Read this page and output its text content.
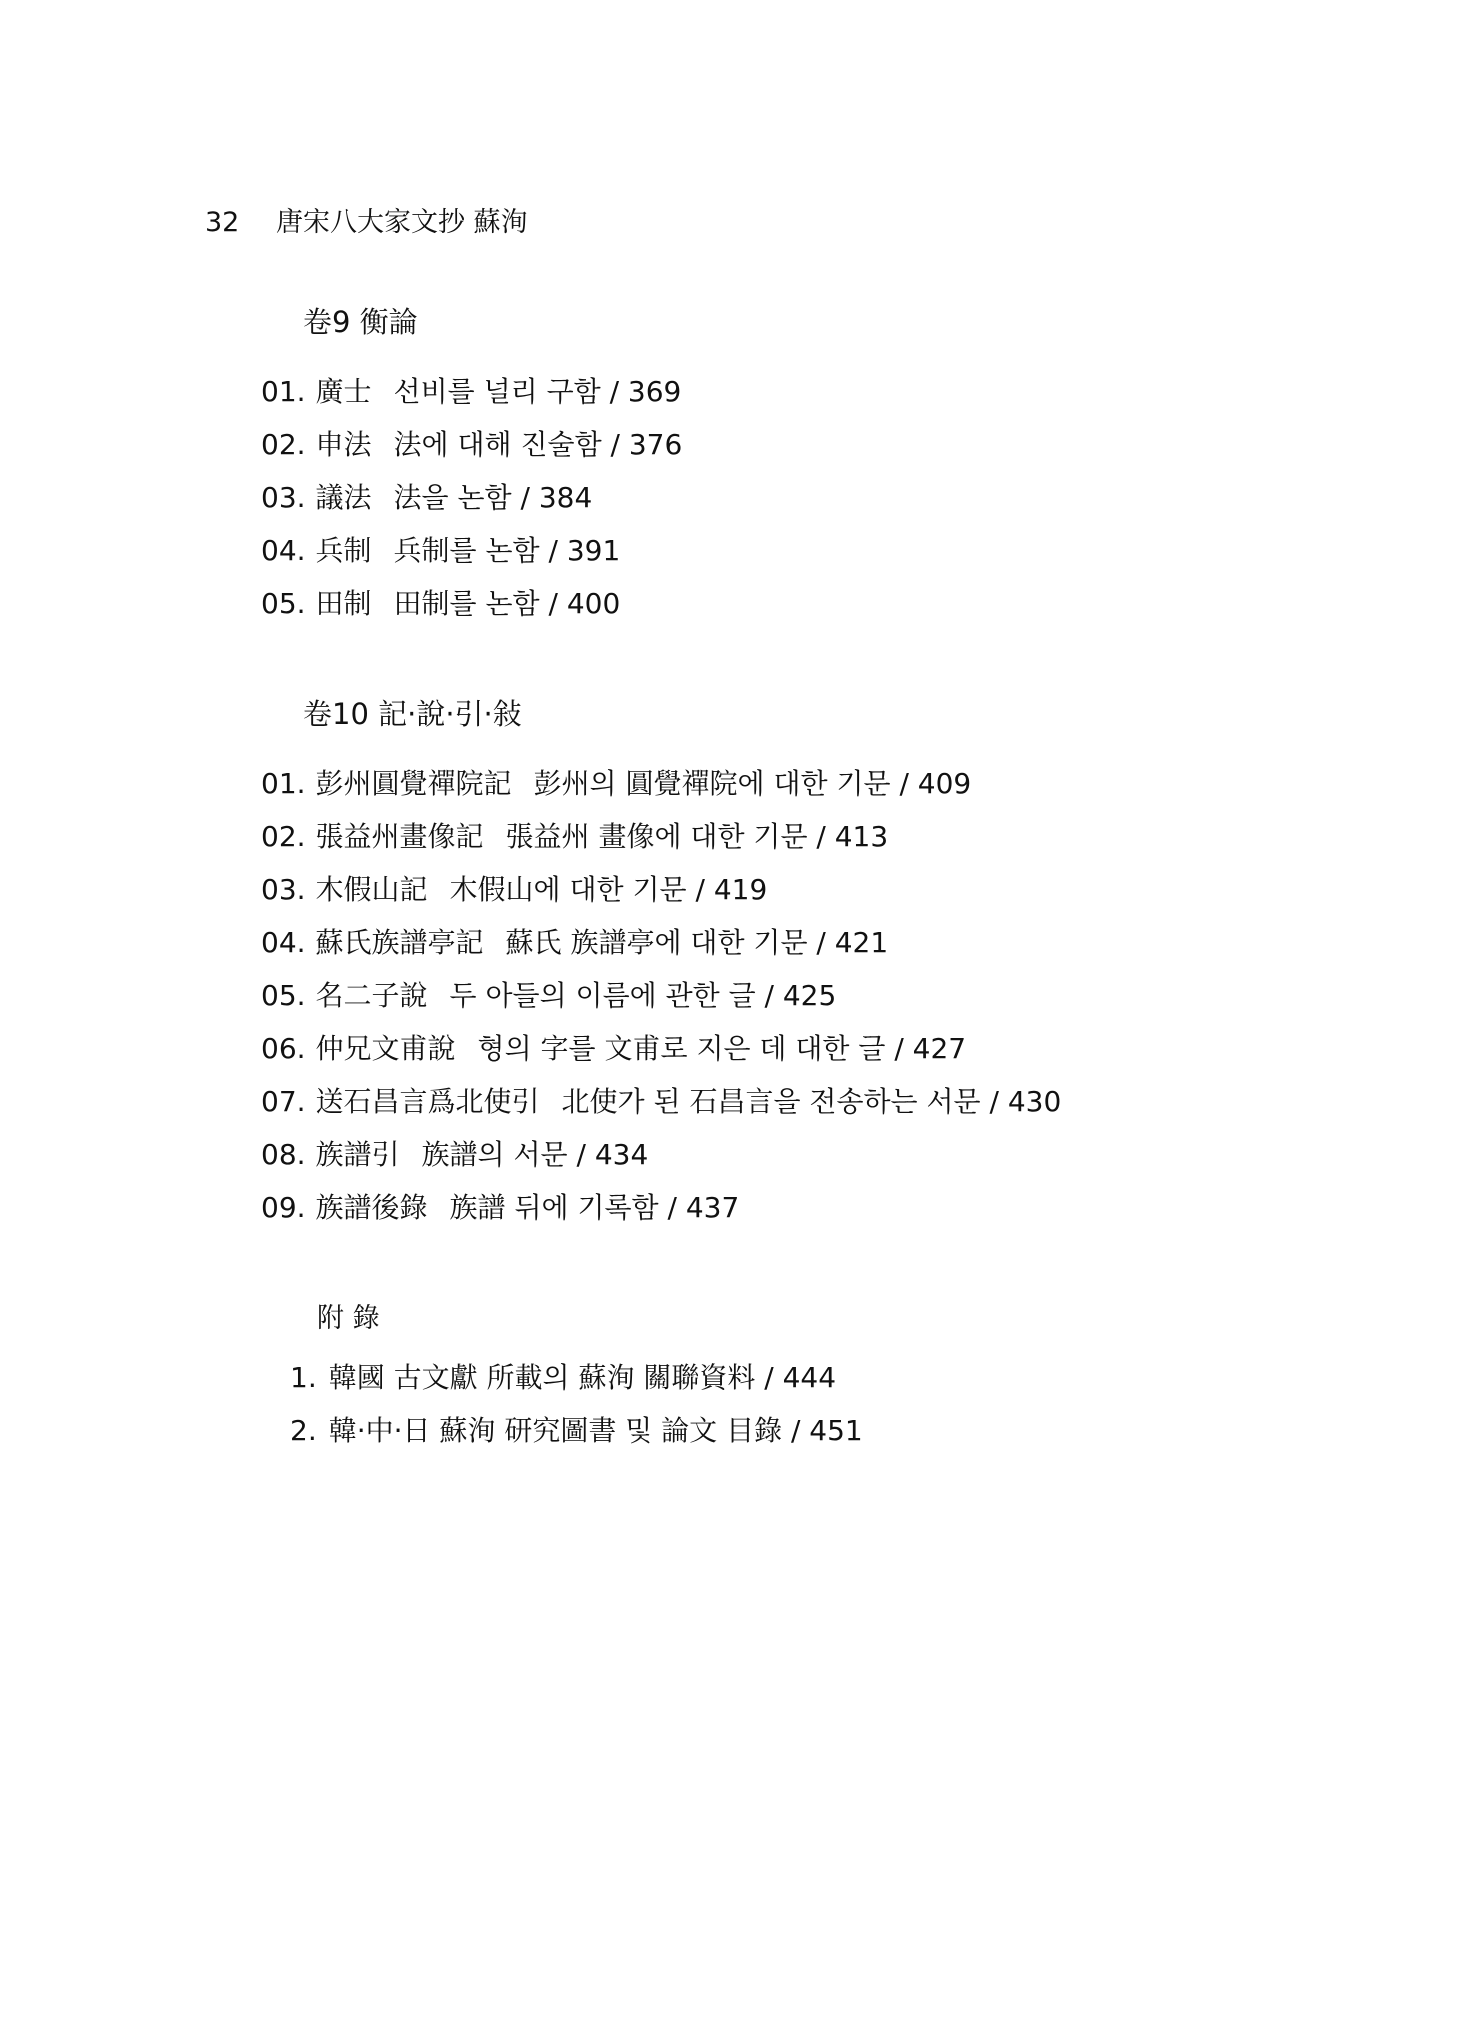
32 唐宋八大家文抄 蘇洵
卷9 衡論
01. 廣士 선비를 널리 구함 / 369
02. 申法 法에 대해 진술함 / 376
03. 議法 法을 논함 / 384
04. 兵制 兵制를 논함 / 391
05. 田制 田制를 논함 / 400
卷10 記·說·引·敍
01. 彭州圓覺禪院記 彭州의 圓覺禪院에 대한 기문 / 409
02. 張益州畫像記 張益州 畫像에 대한 기문 / 413
03. 木假山記 木假山에 대한 기문 / 419
04. 蘇氏族譜亭記 蘇氏 族譜亭에 대한 기문 / 421
05. 名二子說 두 아들의 이름에 관한 글 / 425
06. 仲兄文甫說 형의 字를 文甫로 지은 데 대한 글 / 427
07. 送石昌言爲北使引 北使가 된 石昌言을 전송하는 서문 / 430
08. 族譜引 族譜의 서문 / 434
09. 族譜後錄 族譜 뒤에 기록함 / 437
附 錄
1. 韓國 古文獻 所載의 蘇洵 關聯資料 / 444
2. 韓·中·日 蘇洵 研究圖書 및 論文 目錄 / 451
